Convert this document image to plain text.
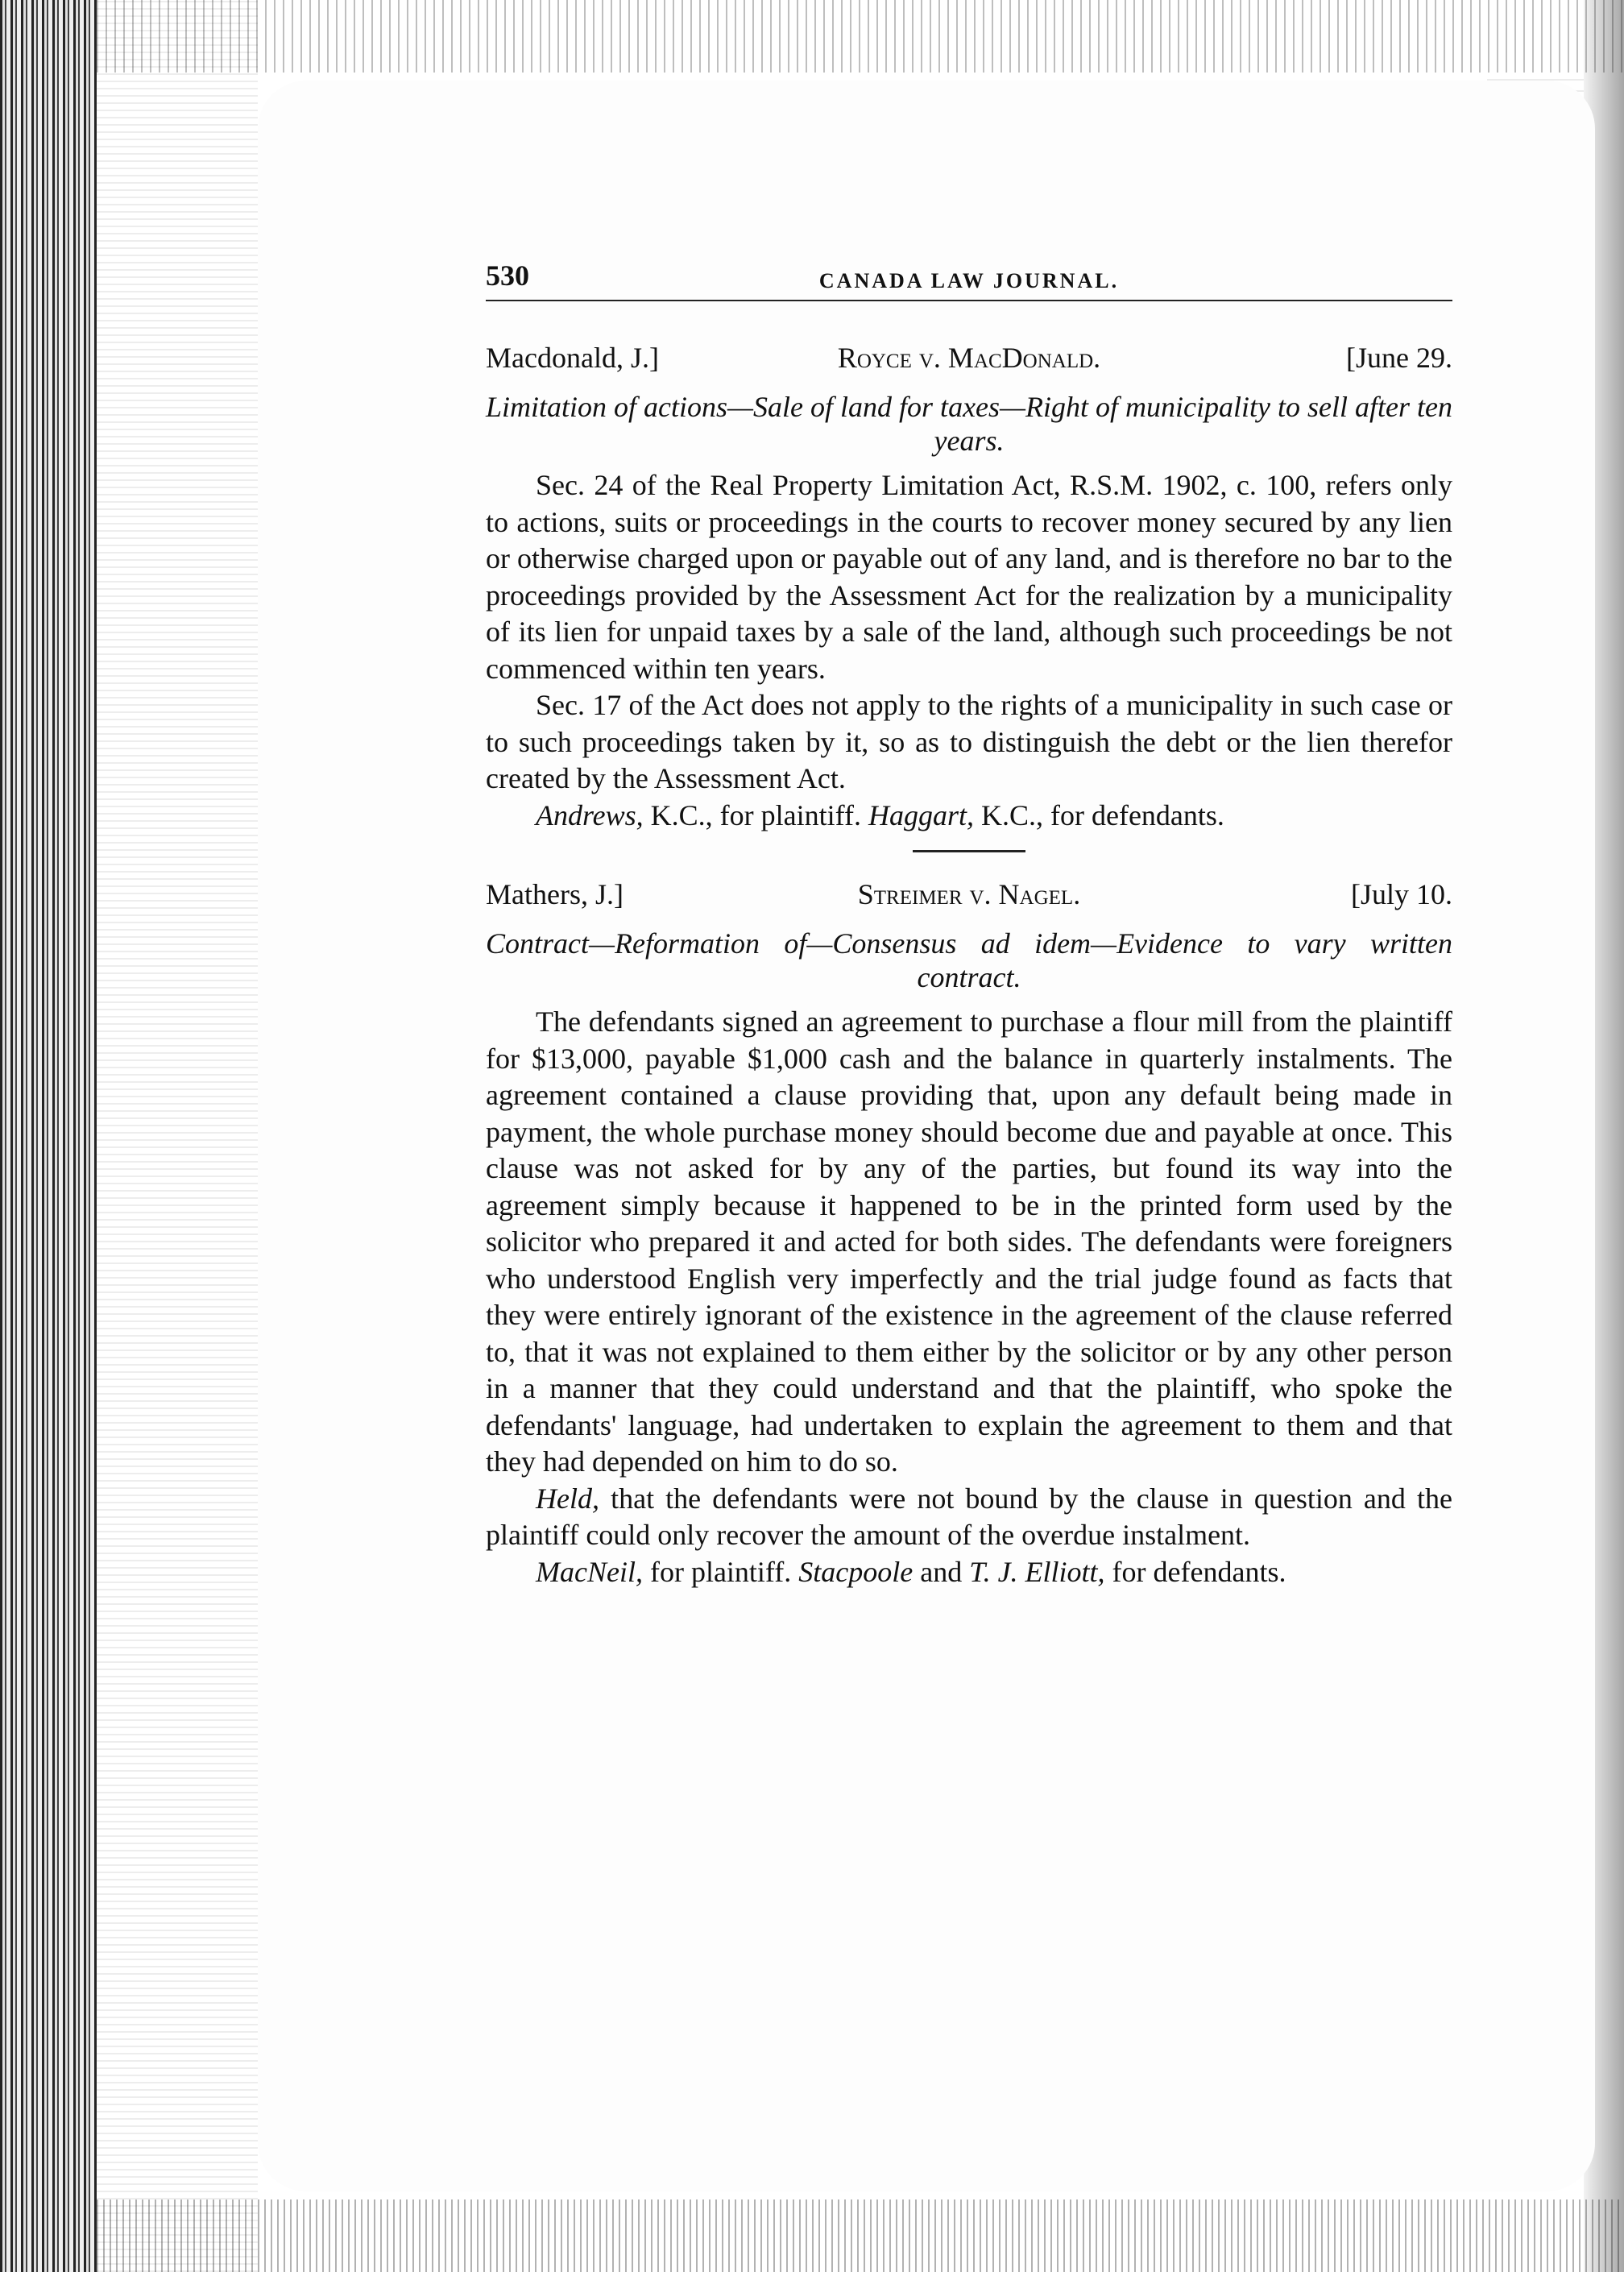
530	CANADA LAW JOURNAL.
Macdonald, J.]	Royce v. MacDonald.	[June 29.

Limitation of actions—Sale of land for taxes—Right of municipality to sell after ten years.

Sec. 24 of the Real Property Limitation Act, R.S.M. 1902, c. 100, refers only to actions, suits or proceedings in the courts to recover money secured by any lien or otherwise charged upon or payable out of any land, and is therefore no bar to the proceedings provided by the Assessment Act for the realization by a municipality of its lien for unpaid taxes by a sale of the land, although such proceedings be not commenced within ten years.

Sec. 17 of the Act does not apply to the rights of a municipality in such case or to such proceedings taken by it, so as to distinguish the debt or the lien therefor created by the Assessment Act.

Andrews, K.C., for plaintiff. Haggart, K.C., for defendants.

Mathers, J.]	Streimer v. Nagel.	[July 10.

Contract—Reformation of—Consensus ad idem—Evidence to vary written contract.

The defendants signed an agreement to purchase a flour mill from the plaintiff for $13,000, payable $1,000 cash and the balance in quarterly instalments. The agreement contained a clause providing that, upon any default being made in payment, the whole purchase money should become due and payable at once. This clause was not asked for by any of the parties, but found its way into the agreement simply because it happened to be in the printed form used by the solicitor who prepared it and acted for both sides. The defendants were foreigners who understood English very imperfectly and the trial judge found as facts that they were entirely ignorant of the existence in the agreement of the clause referred to, that it was not explained to them either by the solicitor or by any other person in a manner that they could understand and that the plaintiff, who spoke the defendants' language, had undertaken to explain the agreement to them and that they had depended on him to do so.

Held, that the defendants were not bound by the clause in question and the plaintiff could only recover the amount of the overdue instalment.

MacNeil, for plaintiff. Stacpoole and T. J. Elliott, for defendants.
